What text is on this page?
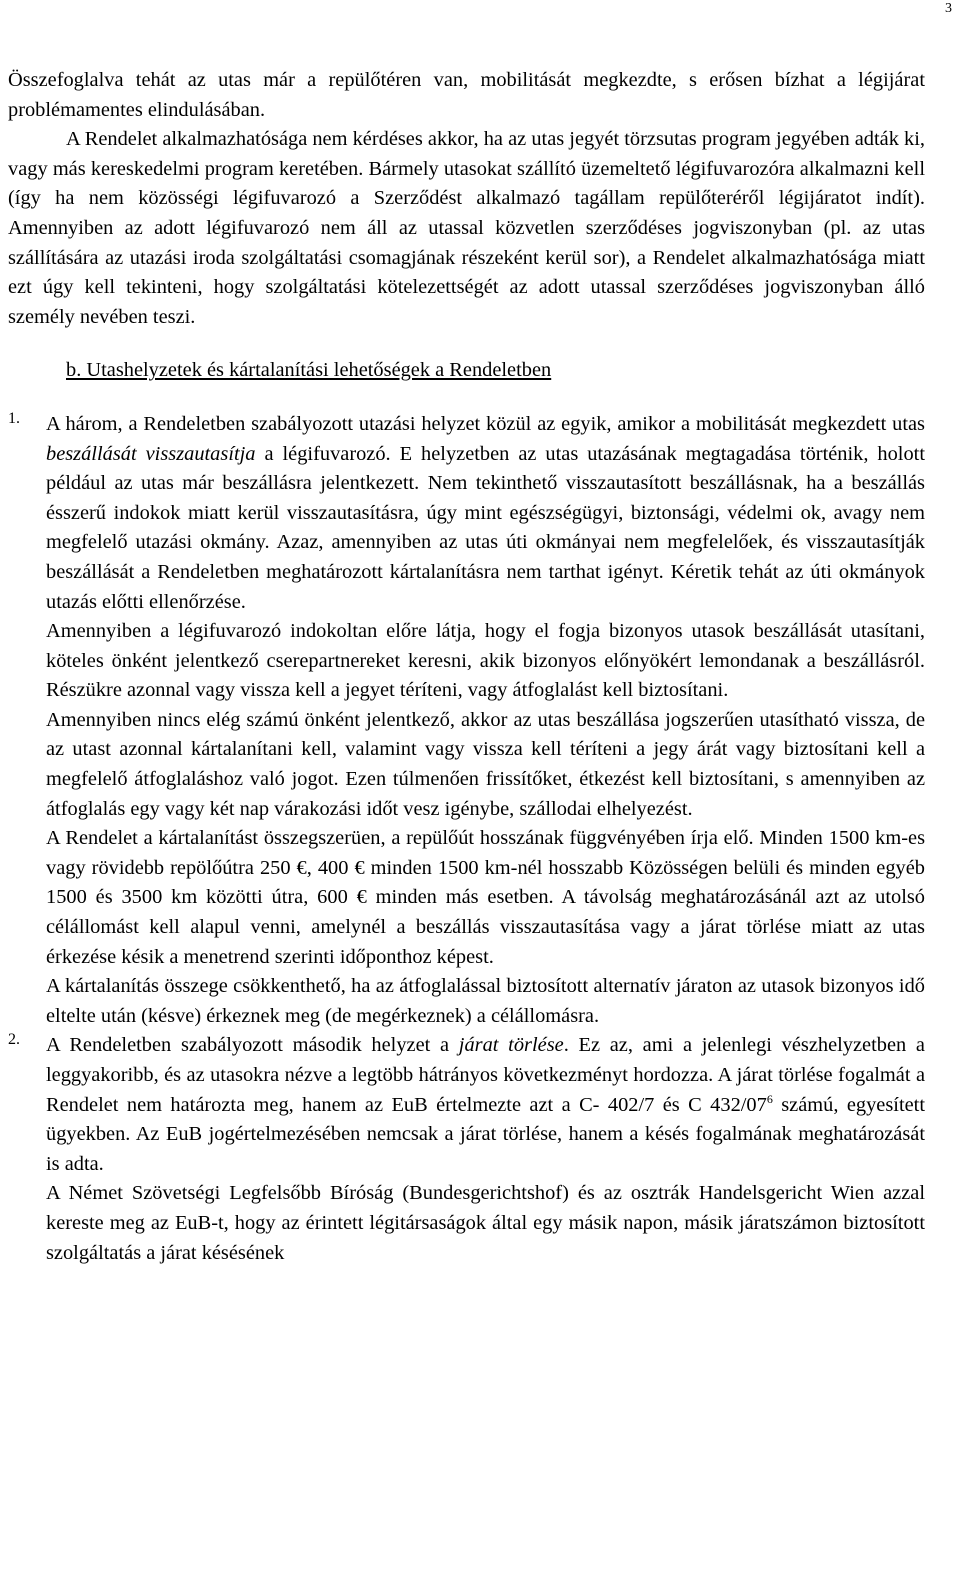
3

Összefoglalva tehát az utas már a repülőtéren van, mobilitását megkezdte, s erősen bízhat a légijárat problémamentes elindulásában.

A Rendelet alkalmazhatósága nem kérdéses akkor, ha az utas jegyét törzsutas program jegyében adták ki, vagy más kereskedelmi program keretében. Bármely utasokat szállító üzemeltető légifuvarozóra alkalmazni kell (így ha nem közösségi légifuvarozó a Szerződést alkalmazó tagállam repülőteréről légijáratot indít). Amennyiben az adott légifuvarozó nem áll az utassal közvetlen szerződéses jogviszonyban (pl. az utas szállítására az utazási iroda szolgáltatási csomagjának részeként kerül sor), a Rendelet alkalmazhatósága miatt ezt úgy kell tekinteni, hogy szolgáltatási kötelezettségét az adott utassal szerződéses jogviszonyban álló személy nevében teszi.

b. Utashelyzetek és kártalanítási lehetőségek a Rendeletben
1. A három, a Rendeletben szabályozott utazási helyzet közül az egyik, amikor a mobilitását megkezdett utas beszállását visszautasítja a légifuvarozó. E helyzetben az utas utazásának megtagadása történik, holott például az utas már beszállásra jelentkezett. Nem tekinthető visszautasított beszállásnak, ha a beszállás ésszerű indokok miatt kerül visszautasításra, úgy mint egészségügyi, biztonsági, védelmi ok, avagy nem megfelelő utazási okmány. Azaz, amennyiben az utas úti okmányai nem megfelelőek, és visszautasítják beszállását a Rendeletben meghatározott kártalanításra nem tarthat igényt. Kéretik tehát az úti okmányok utazás előtti ellenőrzése.

Amennyiben a légifuvarozó indokoltan előre látja, hogy el fogja bizonyos utasok beszállását utasítani, köteles önként jelentkező cserepartnereket keresni, akik bizonyos előnyökért lemondanak a beszállásról. Részükre azonnal vagy vissza kell a jegyet téríteni, vagy átfoglalást kell biztosítani.

Amennyiben nincs elég számú önként jelentkező, akkor az utas beszállása jogszerűen utasítható vissza, de az utast azonnal kártalanítani kell, valamint vagy vissza kell téríteni a jegy árát vagy biztosítani kell a megfelelő átfoglaláshoz való jogot. Ezen túlmenően frissítőket, étkezést kell biztosítani, s amennyiben az átfoglalás egy vagy két nap várakozási időt vesz igénybe, szállodai elhelyezést.

A Rendelet a kártalanítást összegszerüen, a repülőút hosszának függvényében írja elő. Minden 1500 km-es vagy rövidebb repölőútra 250 €, 400 € minden 1500 km-nél hosszabb Közösségen belüli és minden egyéb 1500 és 3500 km közötti útra, 600 € minden más esetben. A távolság meghatározásánál azt az utolsó célállomást kell alapul venni, amelynél a beszállás visszautasítása vagy a járat törlése miatt az utas érkezése késik a menetrend szerinti időponthoz képest.

A kártalanítás összege csökkenthető, ha az átfoglalással biztosított alternatív járaton az utasok bizonyos idő eltelte után (késve) érkeznek meg (de megérkeznek) a célállomásra.

2. A Rendeletben szabályozott második helyzet a járat törlése. Ez az, ami a jelenlegi vészhelyzetben a leggyakoribb, és az utasokra nézve a legtöbb hátrányos következményt hordozza. A járat törlése fogalmát a Rendelet nem határozta meg, hanem az EuB értelmezte azt a C- 402/7 és C $432/07^6$ számú, egyesített ügyekben. Az EuB jogértelmezésében nemcsak a járat törlése, hanem a késés fogalmának meghatározását is adta.

A Német Szövetségi Legfelsőbb Bíróság (Bundesgerichtshof) és az osztrák Handelsgericht Wien azzal kereste meg az EuB-t, hogy az érintett légitársaságok által egy másik napon, másik járatszámon biztosított szolgáltatás a járat késésének
